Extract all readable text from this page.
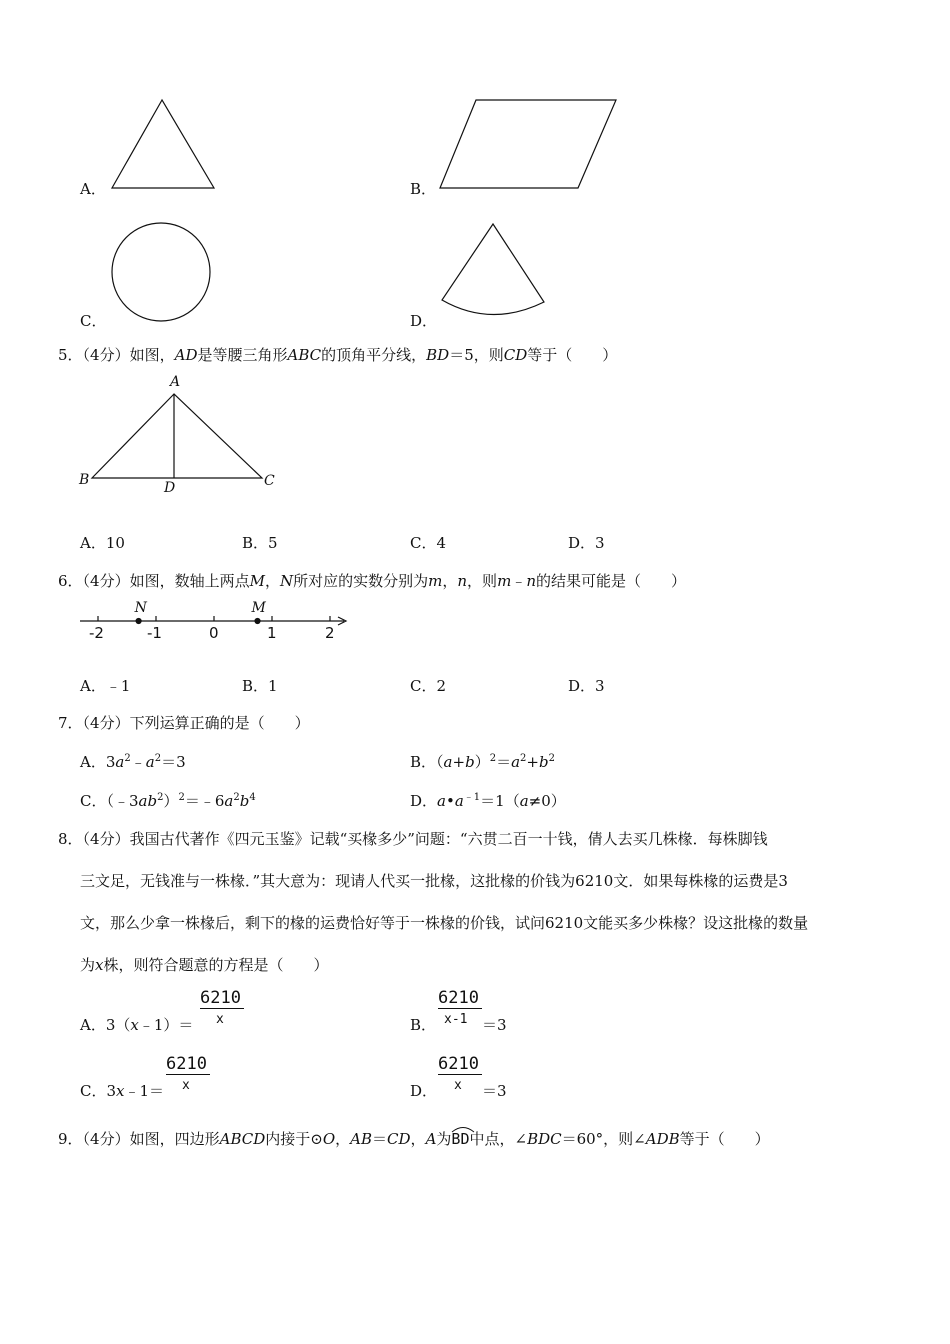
A．	B．
C．	D．
5．（4分）如图，AD是等腰三角形ABC的顶角平分线，BD＝5，则CD等于（　　）
A
B	C
D
A．10	B．5	C．4	D．3
6．（4分）如图，数轴上两点M，N所对应的实数分别为m，n，则m﹣n的结果可能是（　　）
N	M
-2	-1	0	1	2
A．﹣1	B．1	C．2	D．3
7．（4分）下列运算正确的是（　　）
A．$3a^2﹣a^2=3$	B．$(a+b)^2=a^2+b^2$
C．$(﹣3ab^2)^2=﹣6a^2b^4$	D．$a•a^{﹣1}=1(a\ne 0)$
8．（4分）我国古代著作《四元玉鉴》记载“买椽多少”问题：“六贯二百一十钱，倩人去买几株椽．每株脚钱
三文足，无钱准与一株椽．”其大意为：现请人代买一批椽，这批椽的价钱为6210文．如果每株椽的运费是3
文，那么少拿一株椽后，剩下的椽的运费恰好等于一株椽的价钱，试问6210文能买多少株椽？设这批椽的数量
为x株，则符合题意的方程是（　　）
A．3（x﹣1）＝
6210
x	B．
6210
x-1 ＝3
C．3x﹣1＝
6210
x	D．
6210
x ＝3
9．（4分）如图，四边形ABCD内接于⊙O，AB＝CD，A为
BD中点，∠BDC＝60°，则∠ADB等于（　　）
